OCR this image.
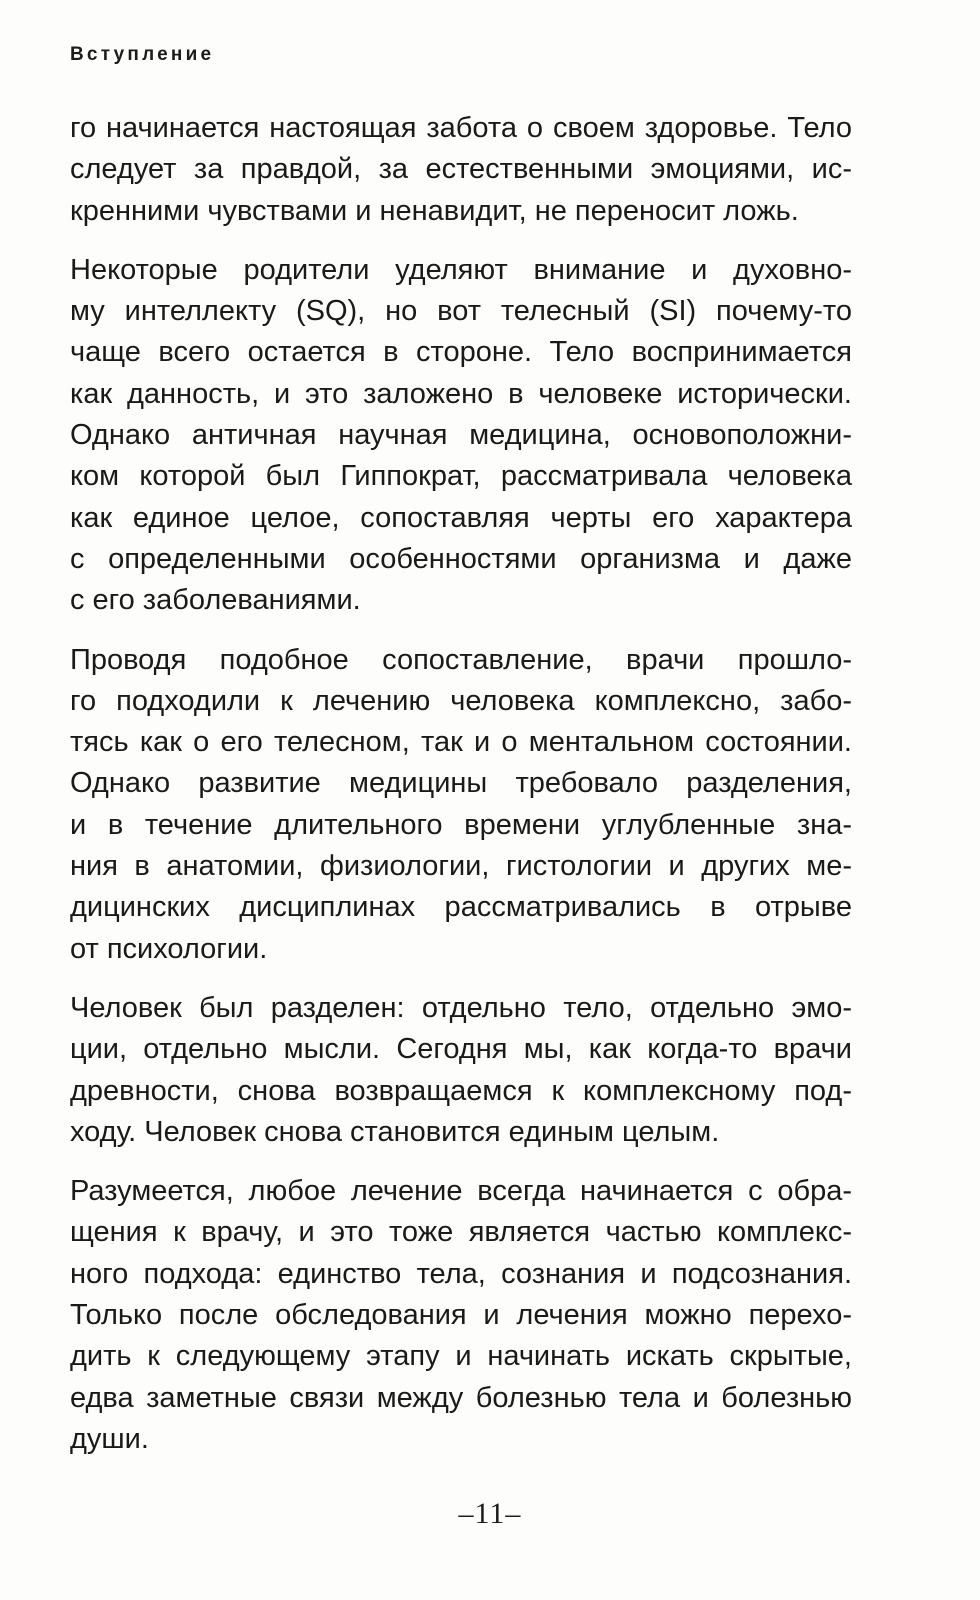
Вступление

го начинается настоящая забота о своем здоровье. Тело
следует за правдой, за естественными эмоциями, ис-
кренними чувствами и ненавидит, не переносит ложь.

Некоторые родители уделяют внимание и духовно-
му интеллекту (SQ), но вот телесный (SI) почему-то
чаще всего остается в стороне. Тело воспринимается
как данность, и это заложено в человеке исторически.
Однако античная научная медицина, основоположни-
ком которой был Гиппократ, рассматривала человека
как единое целое, сопоставляя черты его характера
с определенными особенностями организма и даже
с его заболеваниями.

Проводя подобное сопоставление, врачи прошло-
го подходили к лечению человека комплексно, забо-
тясь как о его телесном, так и о ментальном состоянии.
Однако развитие медицины требовало разделения,
и в течение длительного времени углубленные зна-
ния в анатомии, физиологии, гистологии и других ме-
дицинских дисциплинах рассматривались в отрыве
от психологии.

Человек был разделен: отдельно тело, отдельно эмо-
ции, отдельно мысли. Сегодня мы, как когда-то врачи
древности, снова возвращаемся к комплексному под-
ходу. Человек снова становится единым целым.

Разумеется, любое лечение всегда начинается с обра-
щения к врачу, и это тоже является частью комплекс-
ного подхода: единство тела, сознания и подсознания.
Только после обследования и лечения можно перехо-
дить к следующему этапу и начинать искать скрытые,
едва заметные связи между болезнью тела и болезнью
души.

–11–
